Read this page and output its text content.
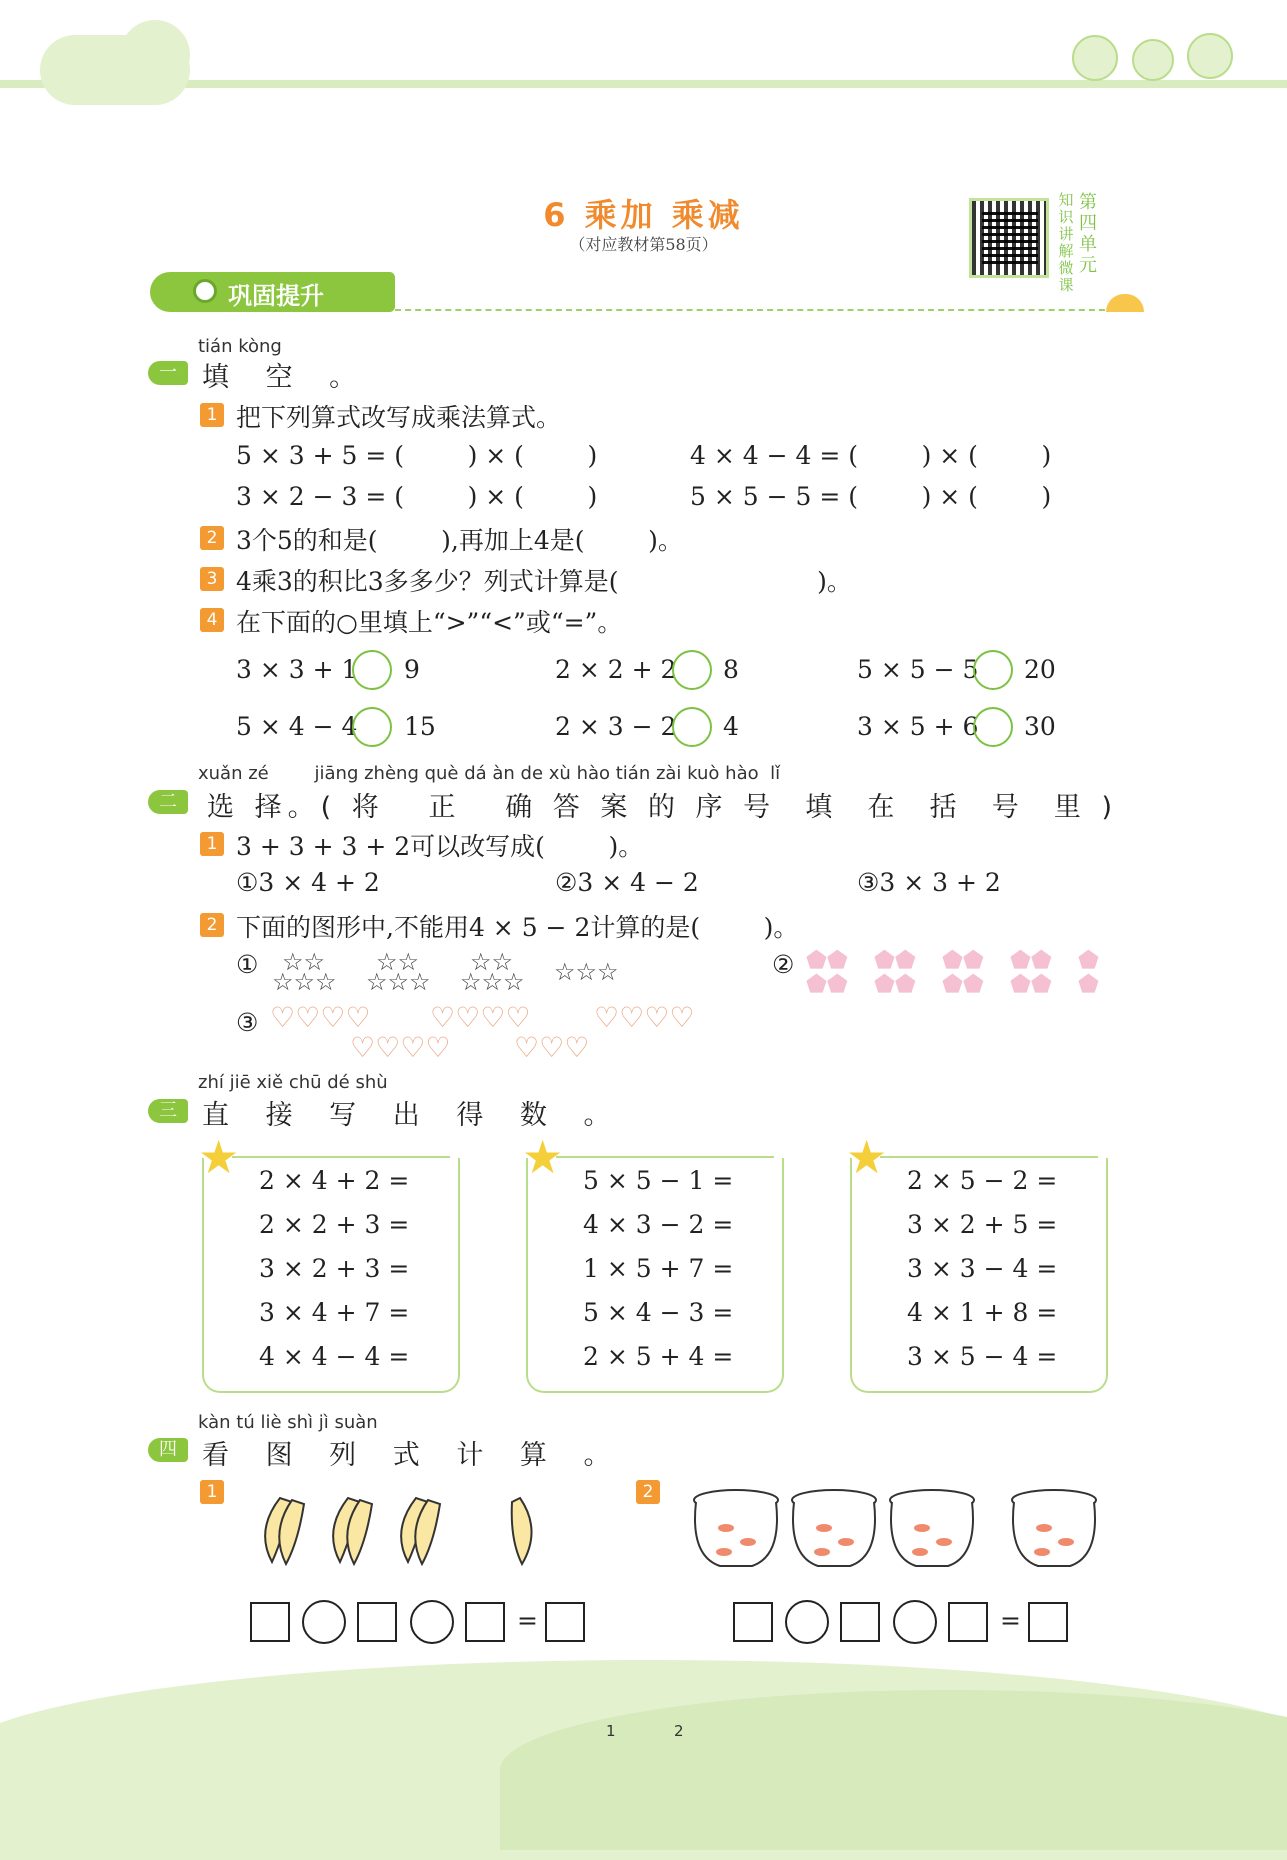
6 乘加 乘减
（对应教材第58页）
知识讲解微课
第四单元
巩固提升
tián kòng
一 填 空 。
1 把下列算式改写成乘法算式。
5 × 3 + 5 = (        ) × (        )	4 × 4 − 4 = (        ) × (        )
3 × 2 − 3 = (        ) × (        )	5 × 5 − 5 = (        ) × (        )
2 3个5的和是(        ),再加上4是(        )。
3 4乘3的积比3多多少？列式计算是(                         )。
4 在下面的○里填上“>”“<”或“=”。
3 × 3 + 1 9	2 × 2 + 2 8	5 × 5 − 5 20
5 × 4 − 4 15	2 × 3 − 2 4	3 × 5 + 6 30
xuǎn zé        jiāng zhèng què dá àn de xù hào tián zài kuò hào  lǐ
二	选 择。( 将   正   确 答 案 的 序 号  填  在  括  号  里 )
1 3 + 3 + 3 + 2可以改写成(        )。
①3 × 4 + 2	②3 × 4 − 2	③3 × 3 + 2
2 下面的图形中,不能用4 × 5 − 2计算的是(        )。
① ☆☆
☆☆☆
☆☆
☆☆☆
☆☆
☆☆☆ ☆☆☆	② ⬟⬟
⬟⬟
⬟⬟
⬟⬟
⬟⬟
⬟⬟
⬟⬟
⬟⬟
⬟
⬟
③ ♡♡♡♡
♡♡♡♡
♡♡♡♡
♡♡♡
♡♡♡♡
zhí jiē xiě chū dé shù
三 直 接 写 出 得 数 。
★ 2 × 4 + 2 =
2 × 2 + 3 =
3 × 2 + 3 =
3 × 4 + 7 =
4 × 4 − 4 =
★ 5 × 5 − 1 =
4 × 3 − 2 =
1 × 5 + 7 =
5 × 4 − 3 =
2 × 5 + 4 =
★ 2 × 5 − 2 =
3 × 2 + 5 =
3 × 3 − 4 =
4 × 1 + 8 =
3 × 5 − 4 =
kàn tú liè shì jì suàn
四 看 图 列 式 计 算 。
1	2
=	=
1	2
